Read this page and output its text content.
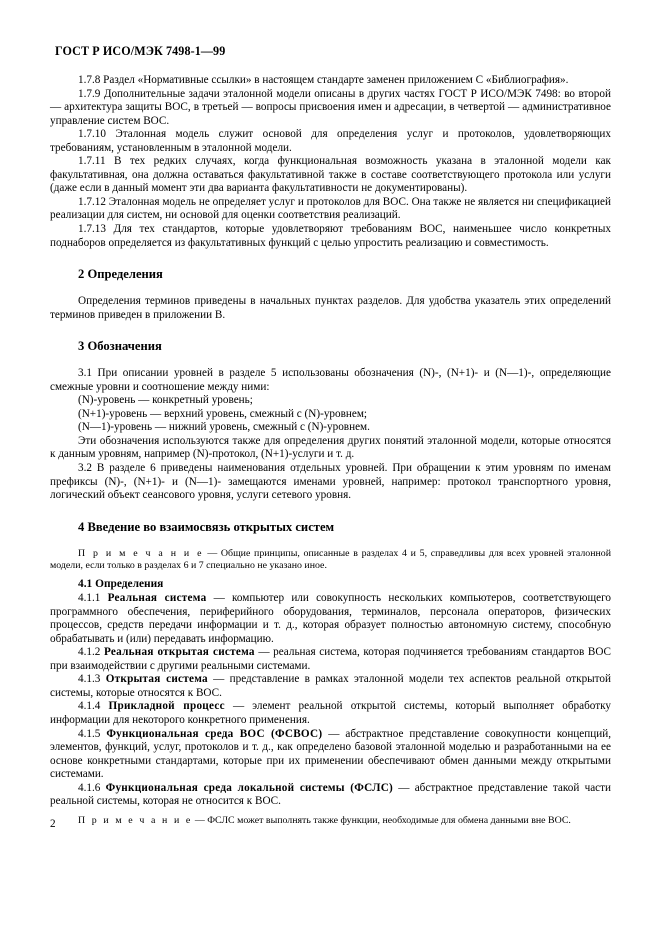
ГОСТ Р ИСО/МЭК 7498-1—99

1.7.8 Раздел «Нормативные ссылки» в настоящем стандарте заменен приложением С «Библиография».

1.7.9 Дополнительные задачи эталонной модели описаны в других частях ГОСТ Р ИСО/МЭК 7498: во второй — архитектура защиты ВОС, в третьей — вопросы присвоения имен и адресации, в четвертой — административное управление систем ВОС.

1.7.10 Эталонная модель служит основой для определения услуг и протоколов, удовлетворяющих требованиям, установленным в эталонной модели.

1.7.11 В тех редких случаях, когда функциональная возможность указана в эталонной модели как факультативная, она должна оставаться факультативной также в составе соответствующего протокола или услуги (даже если в данный момент эти два варианта факультативности не документированы).

1.7.12 Эталонная модель не определяет услуг и протоколов для ВОС. Она также не является ни спецификацией реализации для систем, ни основой для оценки соответствия реализаций.

1.7.13 Для тех стандартов, которые удовлетворяют требованиям ВОС, наименьшее число конкретных поднаборов определяется из факультативных функций с целью упростить реализацию и совместимость.

2 Определения

Определения терминов приведены в начальных пунктах разделов. Для удобства указатель этих определений терминов приведен в приложении В.

3 Обозначения

3.1 При описании уровней в разделе 5 использованы обозначения (N)-, (N+1)- и (N—1)-, определяющие смежные уровни и соотношение между ними:

(N)-уровень — конкретный уровень;

(N+1)-уровень — верхний уровень, смежный с (N)-уровнем;

(N—1)-уровень — нижний уровень, смежный с (N)-уровнем.

Эти обозначения используются также для определения других понятий эталонной модели, которые относятся к данным уровням, например (N)-протокол, (N+1)-услуги и т. д.

3.2 В разделе 6 приведены наименования отдельных уровней. При обращении к этим уровням по именам префиксы (N)-, (N+1)- и (N—1)- замещаются именами уровней, например: протокол транспортного уровня, логический объект сеансового уровня, услуги сетевого уровня.

4 Введение во взаимосвязь открытых систем

П р и м е ч а н и е — Общие принципы, описанные в разделах 4 и 5, справедливы для всех уровней эталонной модели, если только в разделах 6 и 7 специально не указано иное.

4.1 Определения

4.1.1 Реальная система — компьютер или совокупность нескольких компьютеров, соответствующего программного обеспечения, периферийного оборудования, терминалов, персонала операторов, физических процессов, средств передачи информации и т. д., которая образует полностью автономную систему, способную обрабатывать и (или) передавать информацию.

4.1.2 Реальная открытая система — реальная система, которая подчиняется требованиям стандартов ВОС при взаимодействии с другими реальными системами.

4.1.3 Открытая система — представление в рамках эталонной модели тех аспектов реальной открытой системы, которые относятся к ВОС.

4.1.4 Прикладной процесс — элемент реальной открытой системы, который выполняет обработку информации для некоторого конкретного применения.

4.1.5 Функциональная среда ВОС (ФСВОС) — абстрактное представление совокупности концепций, элементов, функций, услуг, протоколов и т. д., как определено базовой эталонной моделью и разработанными на ее основе конкретными стандартами, которые при их применении обеспечивают обмен данными между открытыми системами.

4.1.6 Функциональная среда локальной системы (ФСЛС) — абстрактное представление такой части реальной системы, которая не относится к ВОС.

П р и м е ч а н и е — ФСЛС может выполнять также функции, необходимые для обмена данными вне ВОС.

2
